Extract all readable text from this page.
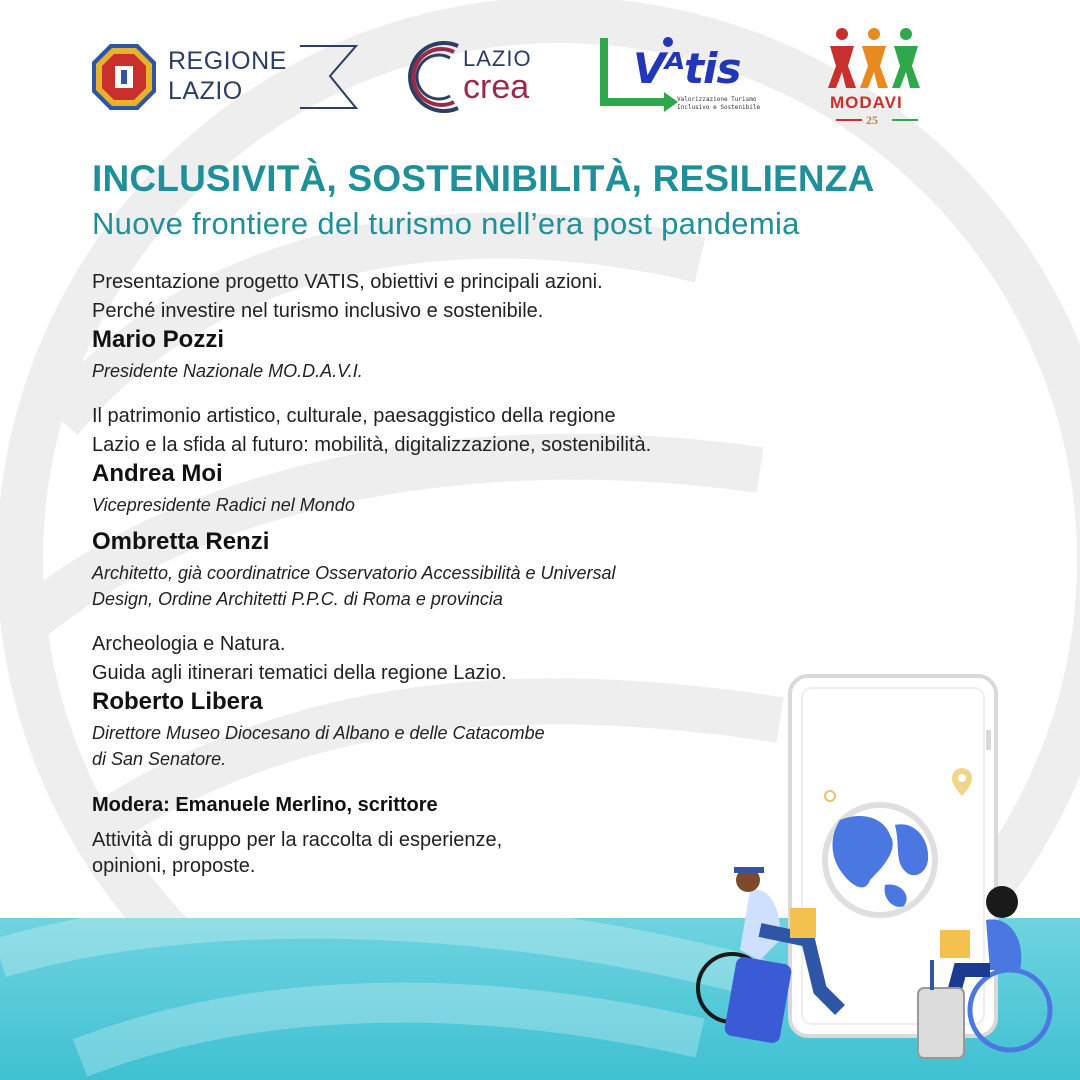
REGIONE
LAZIO
LAZIO
crea Vᴬtis
Valorizzazione Turismo
Inclusivo e Sostenibile	MODAVI
25
INCLUSIVITÀ, SOSTENIBILITÀ, RESILIENZA
Nuove frontiere del turismo nell’era post pandemia
Presentazione progetto VATIS, obiettivi e principali azioni.
Perché investire nel turismo inclusivo e sostenibile.
Mario Pozzi
Presidente Nazionale MO.D.A.V.I.
Il patrimonio artistico, culturale, paesaggistico della regione
Lazio e la sfida al futuro: mobilità, digitalizzazione, sostenibilità.
Andrea Moi
Vicepresidente Radici nel Mondo
Ombretta Renzi
Architetto, già coordinatrice Osservatorio Accessibilità e Universal
Design, Ordine Architetti P.P.C. di Roma e provincia
Archeologia e Natura.
Guida agli itinerari tematici della regione Lazio.
Roberto Libera
Direttore Museo Diocesano di Albano e delle Catacombe
di San Senatore.
Modera: Emanuele Merlino, scrittore
Attività di gruppo per la raccolta di esperienze,
opinioni, proposte.
